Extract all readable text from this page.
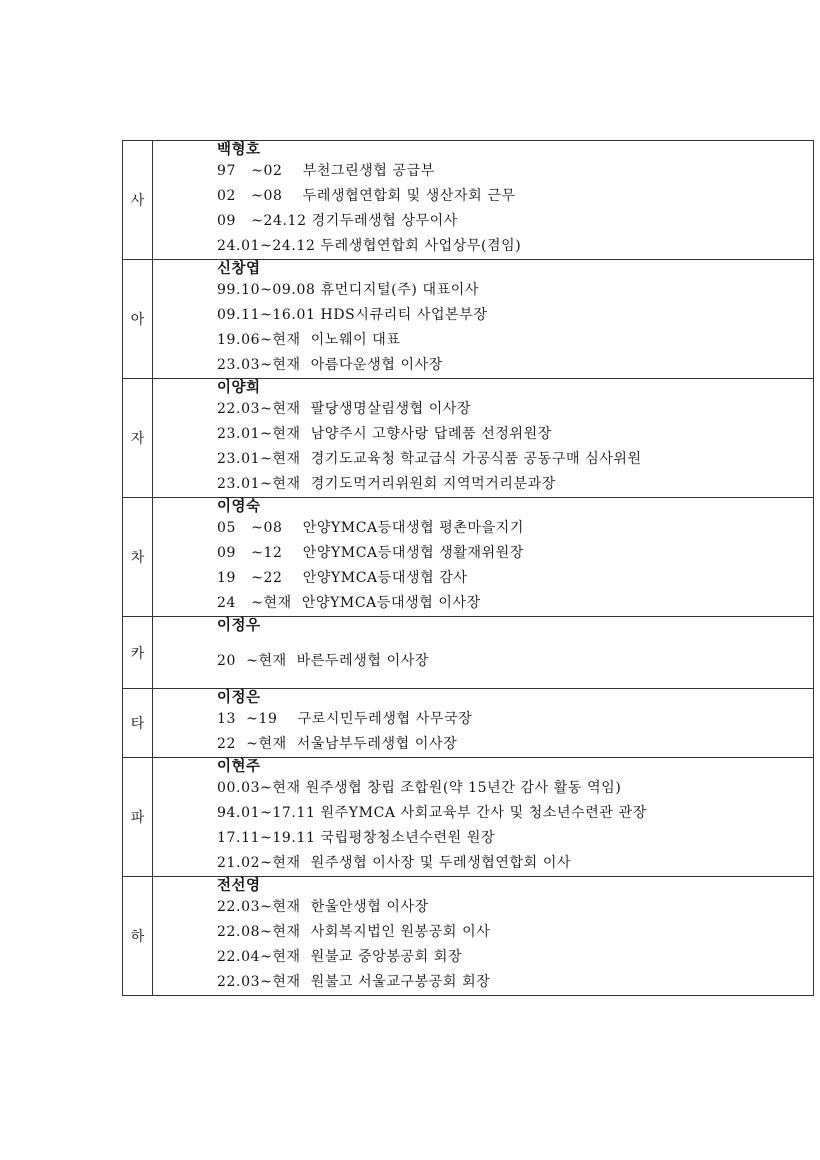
사	백형호
97   ~02    부천그린생협 공급부
02   ~08    두레생협연합회 및 생산자회 근무
09   ~24.12 경기두레생협 상무이사
24.01~24.12 두레생협연합회 사업상무(겸임)

아	신창엽
99.10~09.08 휴먼디지털(주) 대표이사
09.11~16.01 HDS시큐리티 사업본부장
19.06~현재  이노웨이 대표
23.03~현재  아름다운생협 이사장

자	이양희
22.03~현재  팔당생명살림생협 이사장
23.01~현재  남양주시 고향사랑 답례품 선정위원장
23.01~현재  경기도교육청 학교급식 가공식품 공동구매 심사위원
23.01~현재  경기도먹거리위원회 지역먹거리분과장

차	이영숙
05   ~08    안양YMCA등대생협 평촌마을지기
09   ~12    안양YMCA등대생협 생활재위원장
19   ~22    안양YMCA등대생협 감사
24   ~현재  안양YMCA등대생협 이사장

카	이정우
20  ~현재  바른두레생협 이사장

타	이정은
13  ~19    구로시민두레생협 사무국장
22  ~현재  서울남부두레생협 이사장

파	이현주
00.03~현재 원주생협 창립 조합원(약 15년간 감사 활동 역임)
94.01~17.11 원주YMCA 사회교육부 간사 및 청소년수련관 관장
17.11~19.11 국립평창청소년수련원 원장
21.02~현재  원주생협 이사장 및 두레생협연합회 이사

하	전선영
22.03~현재  한울안생협 이사장
22.08~현재  사회복지법인 원봉공회 이사
22.04~현재  원불교 중앙봉공회 회장
22.03~현재  원불고 서울교구봉공회 회장
